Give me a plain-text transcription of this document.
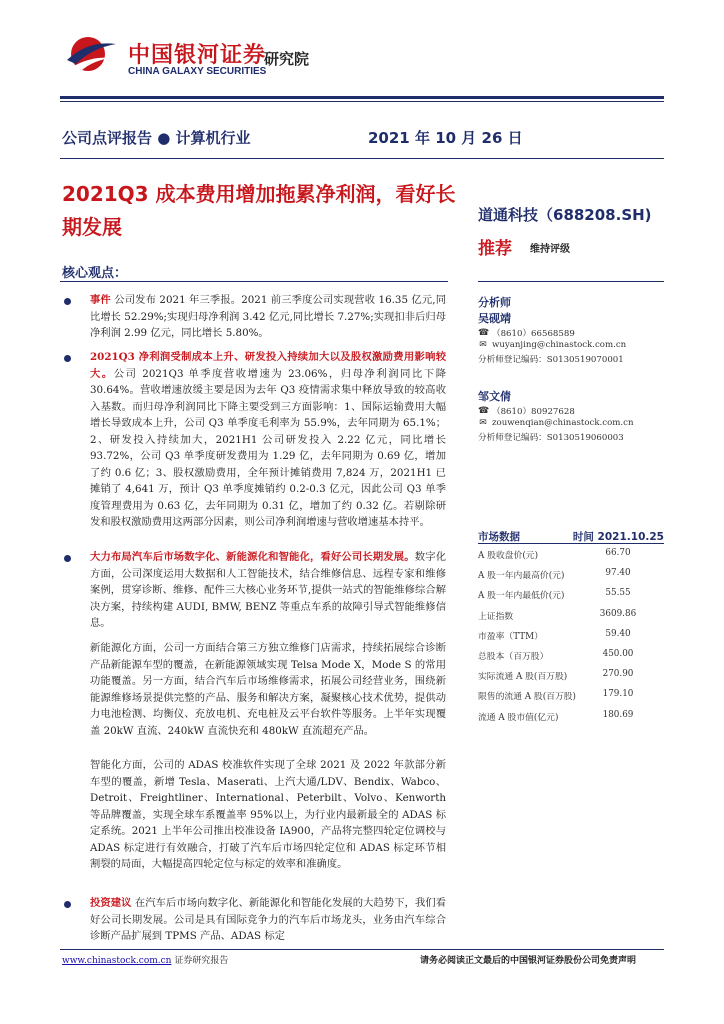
中国银河证券
CHINA GALAXY SECURITIES
研究院
公司点评报告 ● 计算机行业	2021 年 10 月 26 日
2021Q3 成本费用增加拖累净利润，看好长期发展	道通科技（688208.SH)
推荐 维持评级
核心观点：
事件 公司发布 2021 年三季报。2021 前三季度公司实现营收 16.35 亿元,同比增长 52.29%;实现归母净利润 3.42 亿元,同比增长 7.27%;实现扣非后归母净利润 2.99 亿元，同比增长 5.80%。
2021Q3 净利润受制成本上升、研发投入持续加大以及股权激励费用影响较大。公司 2021Q3 单季度营收增速为 23.06%，归母净利润同比下降 30.64%。营收增速放缓主要是因为去年 Q3 疫情需求集中释放导致的较高收入基数。而归母净利润同比下降主要受到三方面影响：1、国际运输费用大幅增长导致成本上升，公司 Q3 单季度毛利率为 55.9%，去年同期为 65.1%；2、研发投入持续加大，2021H1 公司研发投入 2.22 亿元，同比增长 93.72%，公司 Q3 单季度研发费用为 1.29 亿，去年同期为 0.69 亿，增加了约 0.6 亿；3、股权激励费用，全年预计摊销费用 7,824 万，2021H1 已摊销了 4,641 万，预计 Q3 单季度摊销约 0.2-0.3 亿元，因此公司 Q3 单季度管理费用为 0.63 亿，去年同期为 0.31 亿，增加了约 0.32 亿。若剔除研发和股权激励费用这两部分因素，则公司净利润增速与营收增速基本持平。
大力布局汽车后市场数字化、新能源化和智能化，看好公司长期发展。数字化方面，公司深度运用大数据和人工智能技术，结合维修信息、远程专家和维修案例，贯穿诊断、维修、配件三大核心业务环节,提供一站式的智能维修综合解决方案，持续构建 AUDI, BMW, BENZ 等重点车系的故障引导式智能维修信息。
新能源化方面，公司一方面结合第三方独立维修门店需求，持续拓展综合诊断产品新能源车型的覆盖，在新能源领域实现 Telsa Mode X，Mode S 的常用功能覆盖。另一方面，结合汽车后市场维修需求，拓展公司经营业务，围绕新能源维修场景提供完整的产品、服务和解决方案，凝聚核心技术优势，提供动力电池检测、均衡仪、充放电机、充电桩及云平台软件等服务。上半年实现覆盖 20kW 直流、240kW 直流快充和 480kW 直流超充产品。
智能化方面，公司的 ADAS 校准软件实现了全球 2021 及 2022 年款部分新车型的覆盖，新增 Tesla、Maserati、上汽大通/LDV、Bendix、Wabco、Detroit、Freightliner、International、Peterbilt、Volvo、Kenworth 等品牌覆盖，实现全球车系覆盖率 95%以上，为行业内最新最全的 ADAS 标定系统。2021 上半年公司推出校准设备 IA900，产品将完整四轮定位调校与 ADAS 标定进行有效融合，打破了汽车后市场四轮定位和 ADAS 标定环节相割裂的局面，大幅提高四轮定位与标定的效率和准确度。
投资建议 在汽车后市场向数字化、新能源化和智能化发展的大趋势下，我们看好公司长期发展。公司是具有国际竞争力的汽车后市场龙头，业务由汽车综合诊断产品扩展到 TPMS 产品、ADAS 标定
分析师
吴砚靖
☎ （8610）66568589
✉ wuyanjing@chinastock.com.cn
分析师登记编码：S0130519070001
邹文倩
☎ （8610）80927628
✉ zouwenqian@chinastock.com.cn
分析师登记编码：S0130519060003
市场数据	时间 2021.10.25
A 股收盘价(元)	66.70
A 股一年内最高价(元)	97.40
A 股一年内最低价(元)	55.55
上证指数	3609.86
市盈率（TTM）	59.40
总股本（百万股）	450.00
实际流通 A 股(百万股)	270.90
限售的流通 A 股(百万股)	179.10
流通 A 股市值(亿元)	180.69
www.chinastock.com.cn 证券研究报告	请务必阅读正文最后的中国银河证券股份公司免责声明
